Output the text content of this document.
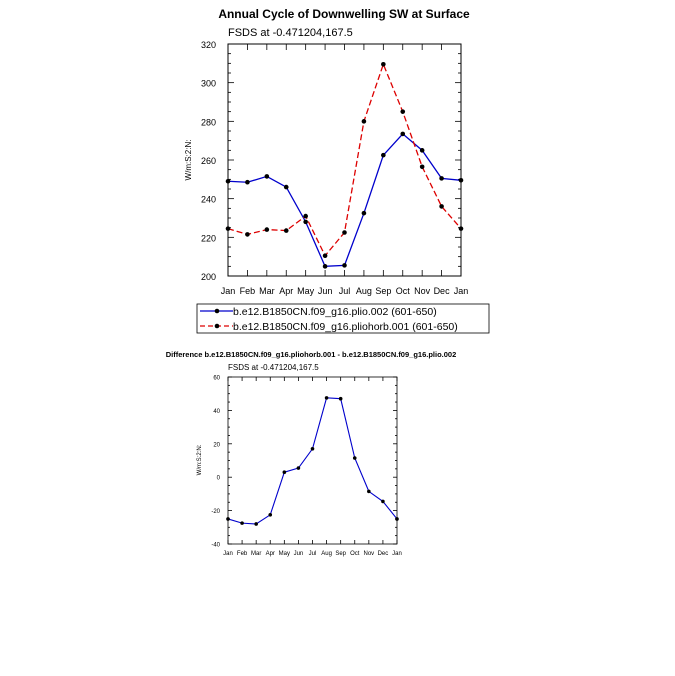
Annual Cycle of Downwelling SW at Surface
FSDS at -0.471204,167.5
W/m:S:2:N:
200
220
240
260
280
300
320
Jan Feb Mar Apr May Jun Jul Aug Sep Oct Nov Dec Jan
b.e12.B1850CN.f09_g16.plio.002 (601-650)
b.e12.B1850CN.f09_g16.pliohorb.001 (601-650)
Difference b.e12.B1850CN.f09_g16.pliohorb.001 - b.e12.B1850CN.f09_g16.plio.002
FSDS at -0.471204,167.5
W/m:S:2:N:
-40
-20
0
20
40
60
Jan Feb Mar Apr May Jun Jul Aug Sep Oct Nov Dec Jan
